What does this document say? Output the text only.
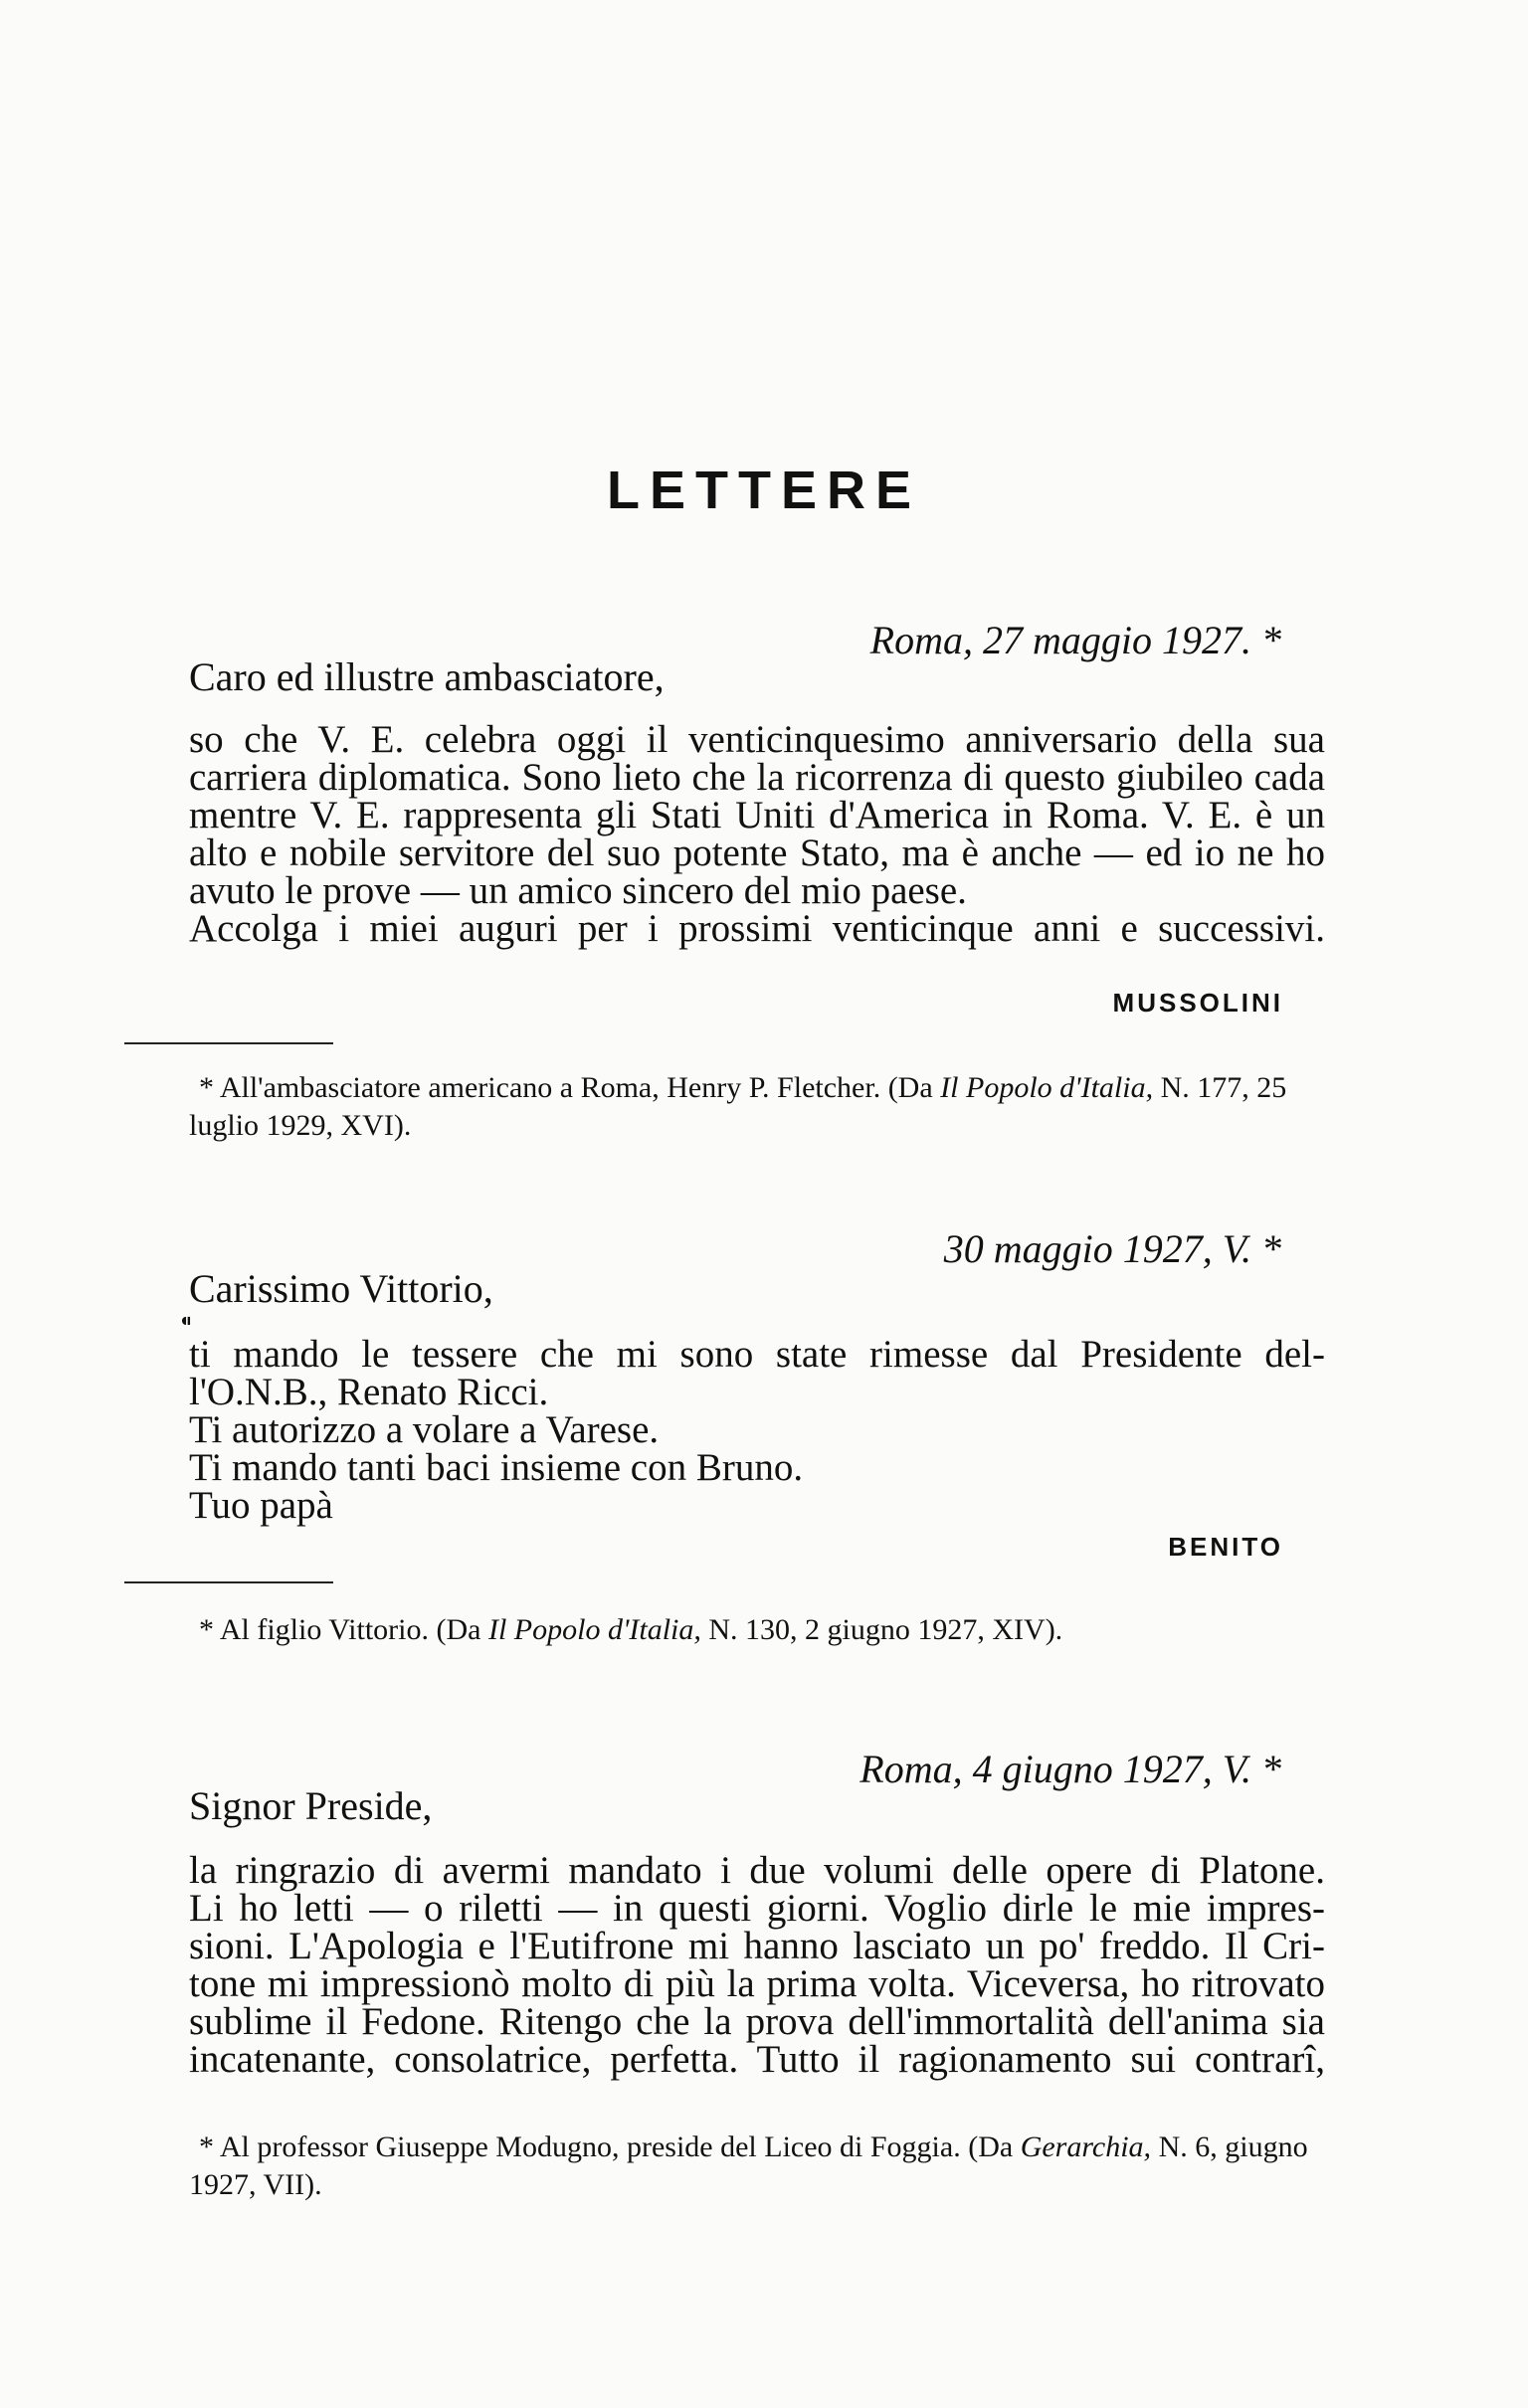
LETTERE
Roma, 27 maggio 1927. *
Caro ed illustre ambasciatore,
so che V. E. celebra oggi il venticinquesimo anniversario della sua
carriera diplomatica. Sono lieto che la ricorrenza di questo giubileo cada
mentre V. E. rappresenta gli Stati Uniti d'America in Roma. V. E. è un
alto e nobile servitore del suo potente Stato, ma è anche — ed io ne ho
avuto le prove — un amico sincero del mio paese.
Accolga i miei auguri per i prossimi venticinque anni e successivi.
MUSSOLINI
* All'ambasciatore americano a Roma, Henry P. Fletcher. (Da Il Popolo d'Italia, N. 177, 25 luglio 1929, XVI).
30 maggio 1927, V. *
Carissimo Vittorio,
⁌
ti mando le tessere che mi sono state rimesse dal Presidente del-
l'O.N.B., Renato Ricci.
Ti autorizzo a volare a Varese.
Ti mando tanti baci insieme con Bruno.
Tuo papà
BENITO
* Al figlio Vittorio. (Da Il Popolo d'Italia, N. 130, 2 giugno 1927, XIV).
Roma, 4 giugno 1927, V. *
Signor Preside,
la ringrazio di avermi mandato i due volumi delle opere di Platone.
Li ho letti — o riletti — in questi giorni. Voglio dirle le mie impres-
sioni. L'Apologia e l'Eutifrone mi hanno lasciato un po' freddo. Il Cri-
tone mi impressionò molto di più la prima volta. Viceversa, ho ritrovato
sublime il Fedone. Ritengo che la prova dell'immortalità dell'anima sia
incatenante, consolatrice, perfetta. Tutto il ragionamento sui contrarî,
* Al professor Giuseppe Modugno, preside del Liceo di Foggia. (Da Gerarchia, N. 6, giugno 1927, VII).
